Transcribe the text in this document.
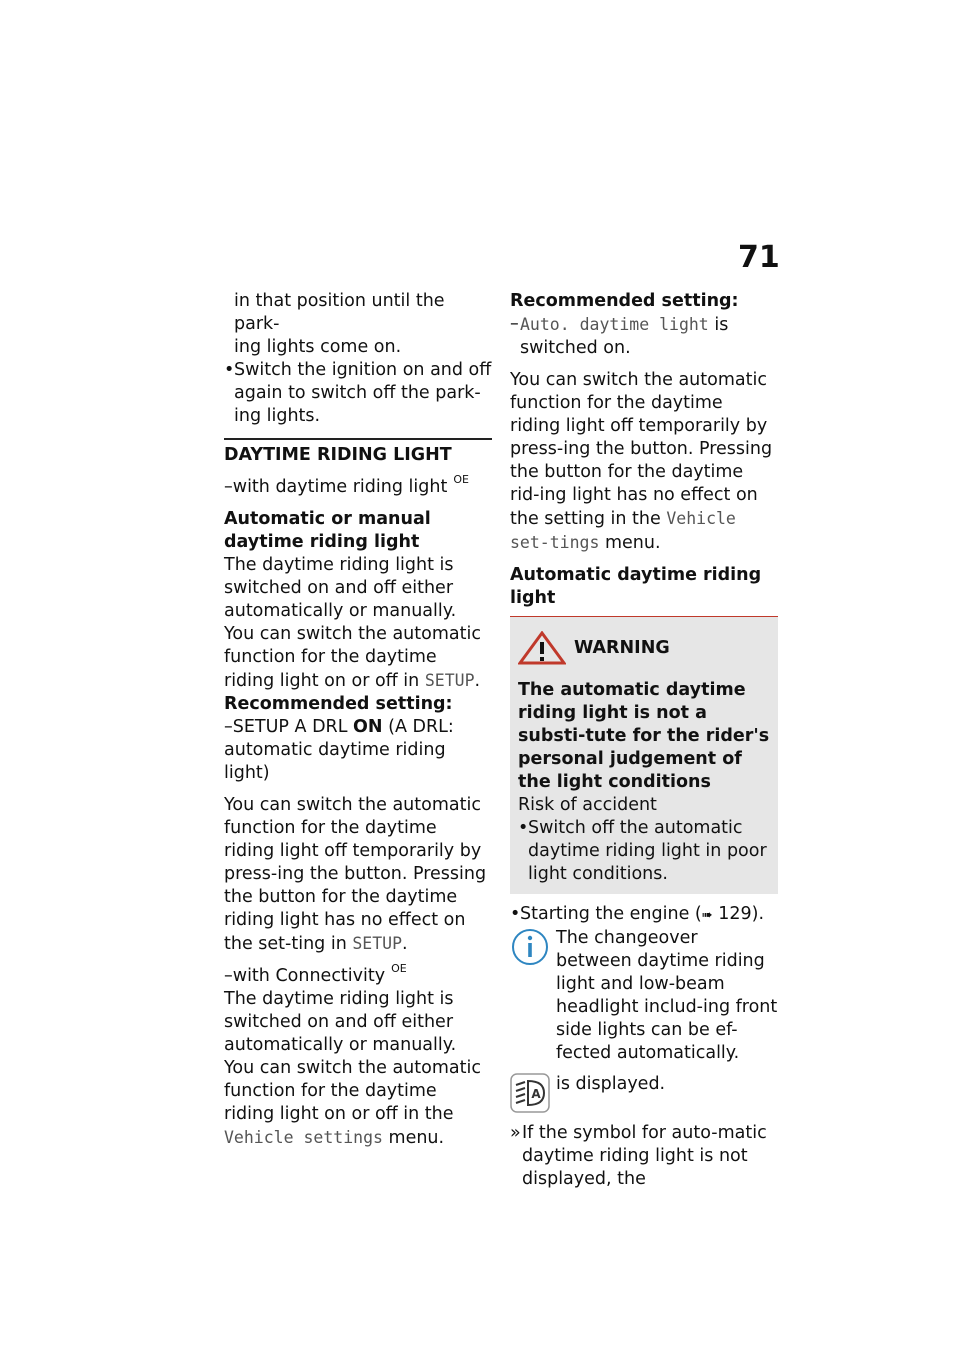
71

in that position until the park-

ing lights come on.

• Switch the ignition on and off again to switch off the park-ing lights.

DAYTIME RIDING LIGHT

–with daytime riding light $^{OE}$

Automatic or manual daytime riding light

The daytime riding light is switched on and off either automatically or manually.

You can switch the automatic function for the daytime riding light on or off in SETUP.

Recommended setting:

–SETUP A DRL ON (A DRL: automatic daytime riding light)

You can switch the automatic function for the daytime riding light off temporarily by press-ing the button. Pressing the button for the daytime riding light has no effect on the set-ting in SETUP.

–with Connectivity $^{OE}$

The daytime riding light is switched on and off either automatically or manually.

You can switch the automatic function for the daytime riding light on or off in the Vehicle settings menu.

Recommended setting:

– Auto. daytime light is switched on.

You can switch the automatic function for the daytime riding light off temporarily by press-ing the button. Pressing the button for the daytime rid-ing light has no effect on the setting in the Vehicle set-tings menu.

Automatic daytime riding light

WARNING

The automatic daytime riding light is not a substi-tute for the rider's personal judgement of the light conditions

Risk of accident

• Switch off the automatic daytime riding light in poor light conditions.

• Starting the engine (➠ 129).

The changeover between daytime riding light and low-beam headlight includ-ing front side lights can be ef-fected automatically.

A is displayed.

» If the symbol for auto-matic daytime riding light is not displayed, the
